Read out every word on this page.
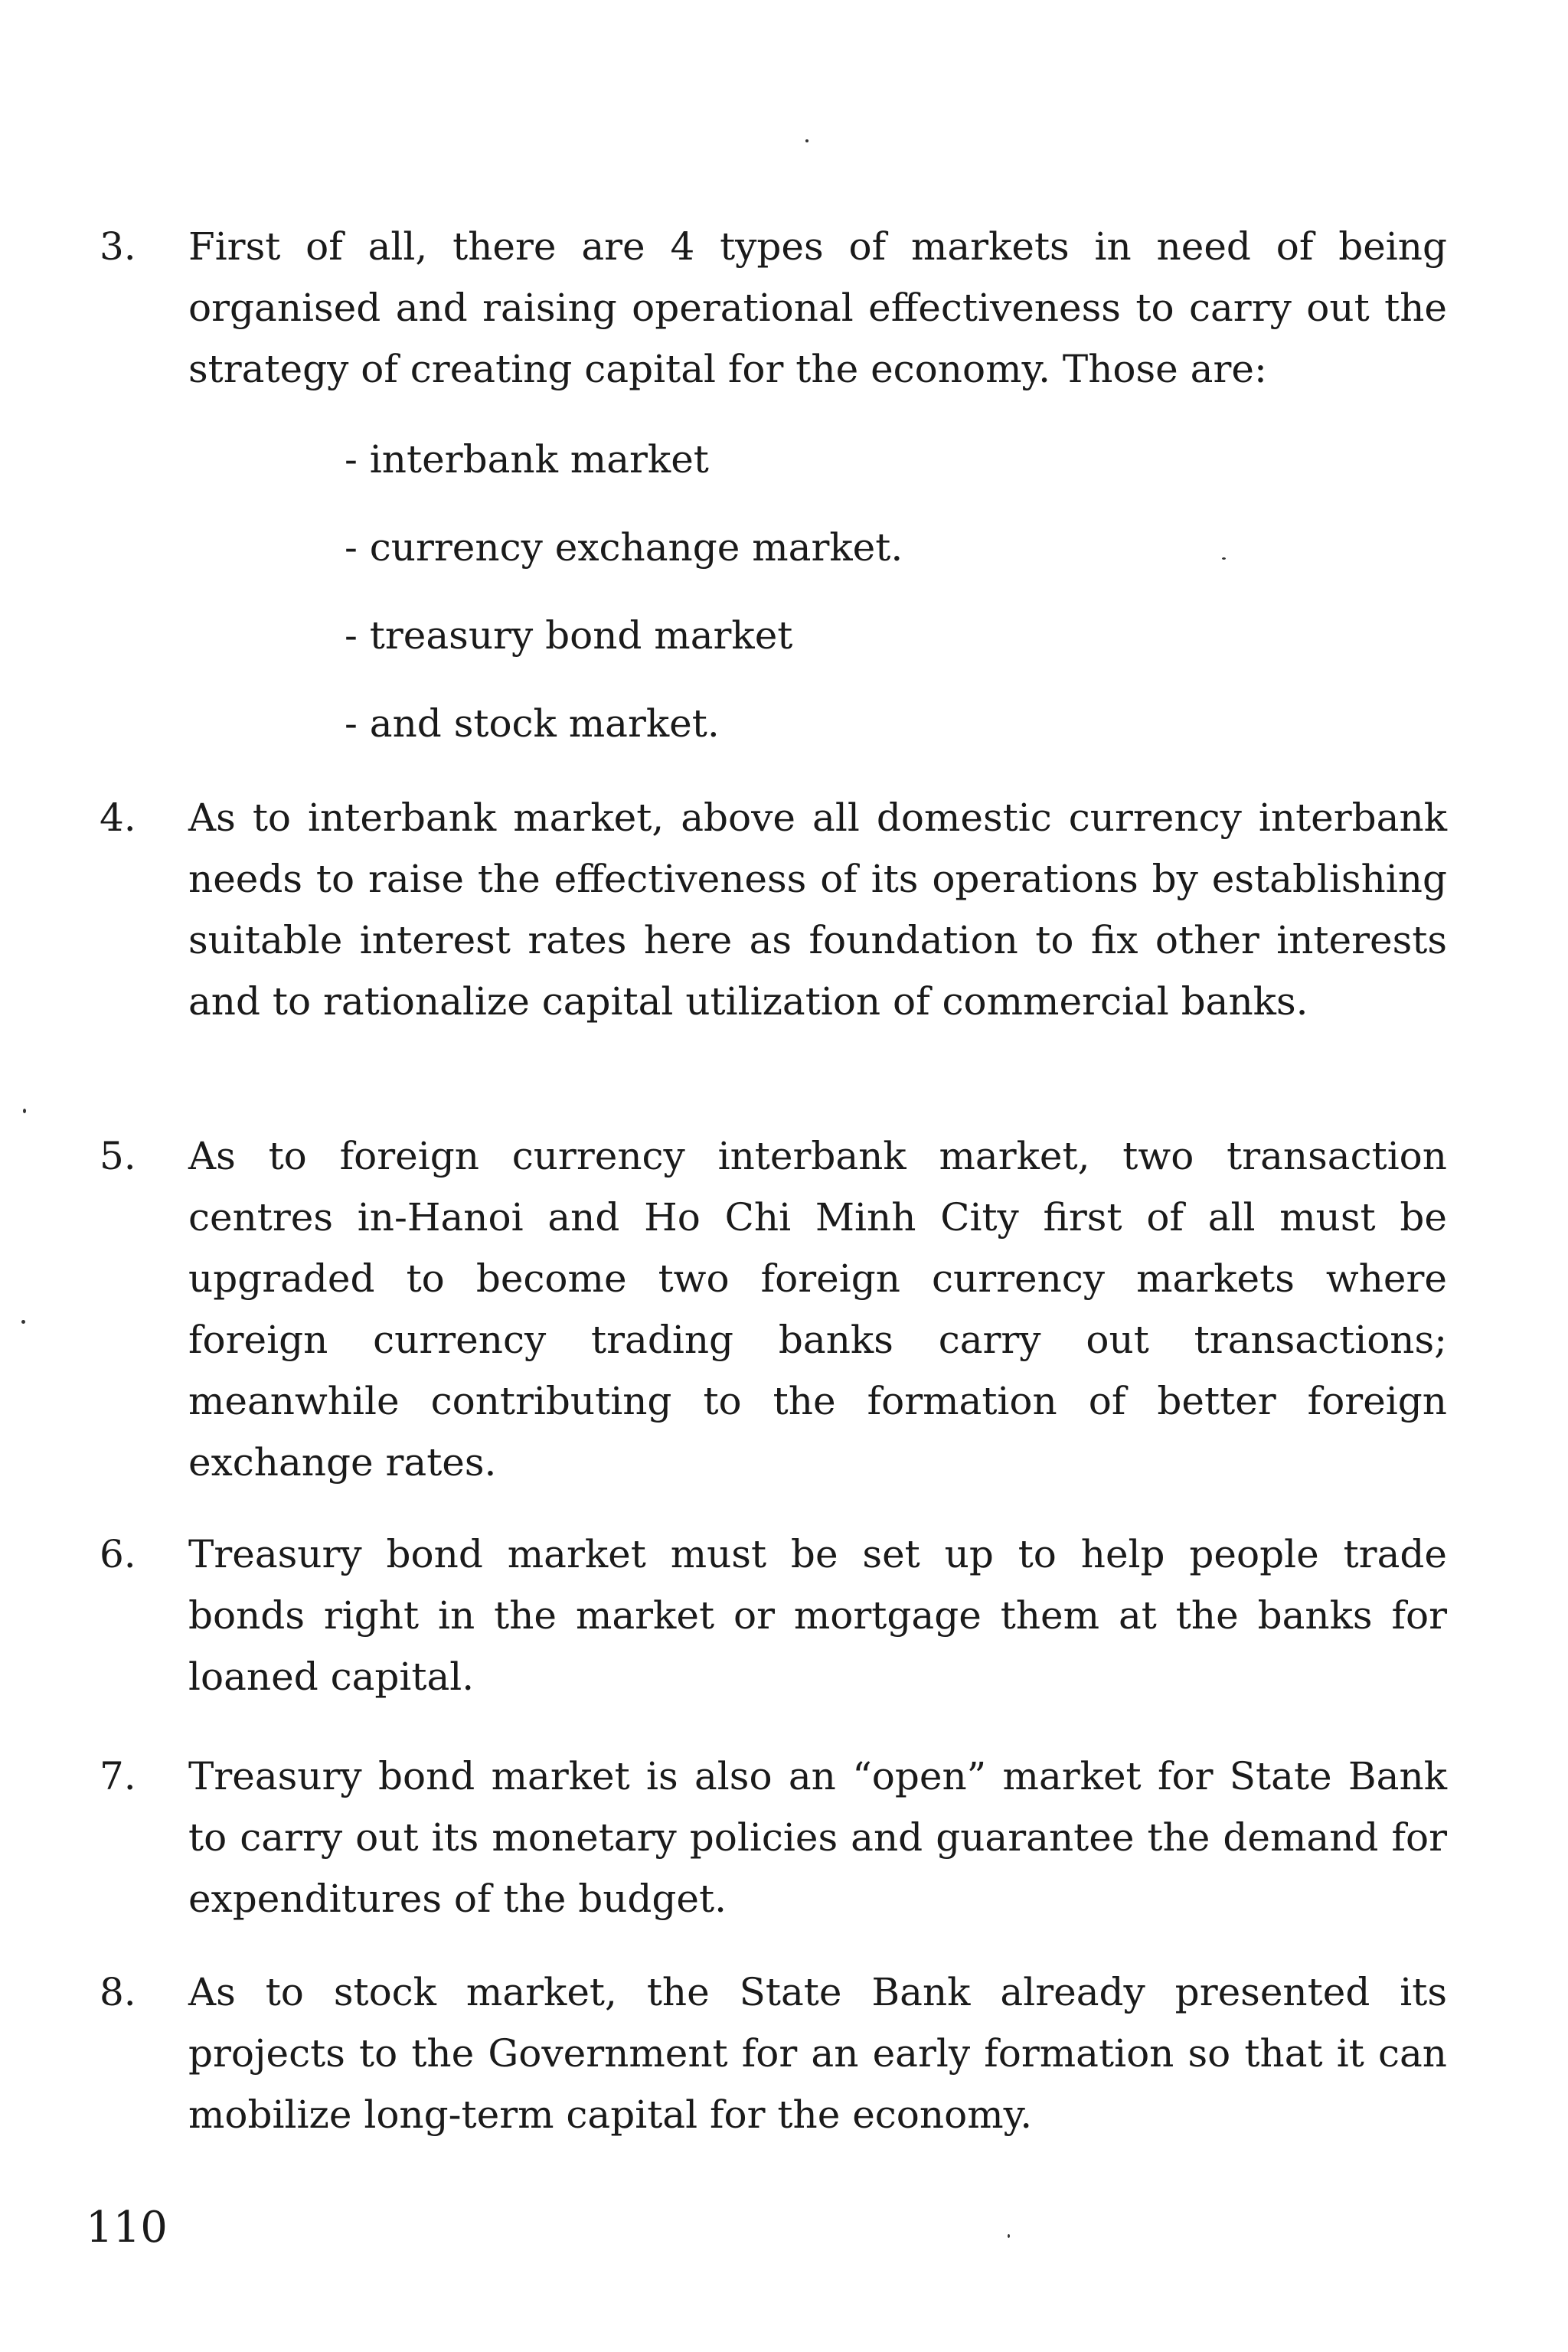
3. First of all, there are 4 types of markets in need of being organised and raising operational effectiveness to carry out the strategy of creating capital for the economy. Those are:
- interbank market
- currency exchange market.
- treasury bond market
- and stock market.
4. As to interbank market, above all domestic currency interbank needs to raise the effectiveness of its operations by establishing suitable interest rates here as foundation to fix other interests and to rationalize capital utilization of commercial banks.
5. As to foreign currency interbank market, two transaction centres in-Hanoi and Ho Chi Minh City first of all must be upgraded to become two foreign currency markets where foreign currency trading banks carry out transactions; meanwhile contributing to the formation of better foreign exchange rates.
6. Treasury bond market must be set up to help people trade bonds right in the market or mortgage them at the banks for loaned capital.
7. Treasury bond market is also an “open” market for State Bank to carry out its monetary policies and guarantee the demand for expenditures of the budget.
8. As to stock market, the State Bank already presented its projects to the Government for an early formation so that it can mobilize long-term capital for the economy.
110
